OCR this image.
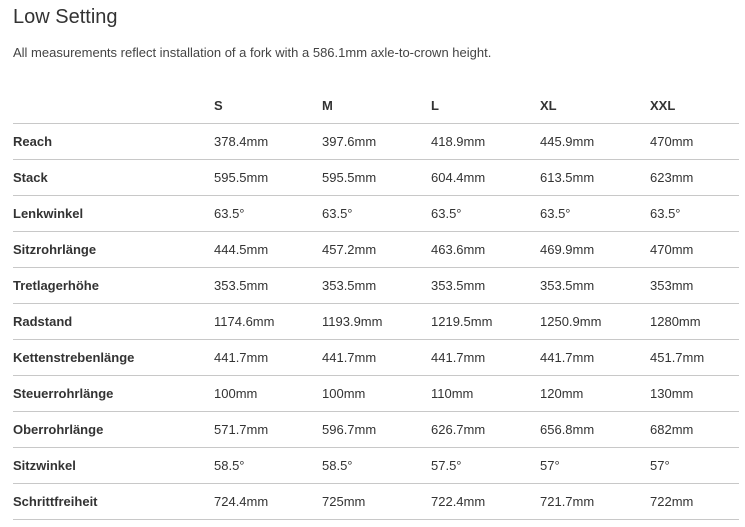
Low Setting

All measurements reflect installation of a fork with a 586.1mm axle-to-crown height.

	S	M	L	XL	XXL
Reach	378.4mm	397.6mm	418.9mm	445.9mm	470mm
Stack	595.5mm	595.5mm	604.4mm	613.5mm	623mm
Lenkwinkel	63.5°	63.5°	63.5°	63.5°	63.5°
Sitzrohrlänge	444.5mm	457.2mm	463.6mm	469.9mm	470mm
Tretlagerhöhe	353.5mm	353.5mm	353.5mm	353.5mm	353mm
Radstand	1174.6mm	1193.9mm	1219.5mm	1250.9mm	1280mm
Kettenstrebenlänge	441.7mm	441.7mm	441.7mm	441.7mm	451.7mm
Steuerrohrlänge	100mm	100mm	110mm	120mm	130mm
Oberrohrlänge	571.7mm	596.7mm	626.7mm	656.8mm	682mm
Sitzwinkel	58.5°	58.5°	57.5°	57°	57°
Schrittfreiheit	724.4mm	725mm	722.4mm	721.7mm	722mm
